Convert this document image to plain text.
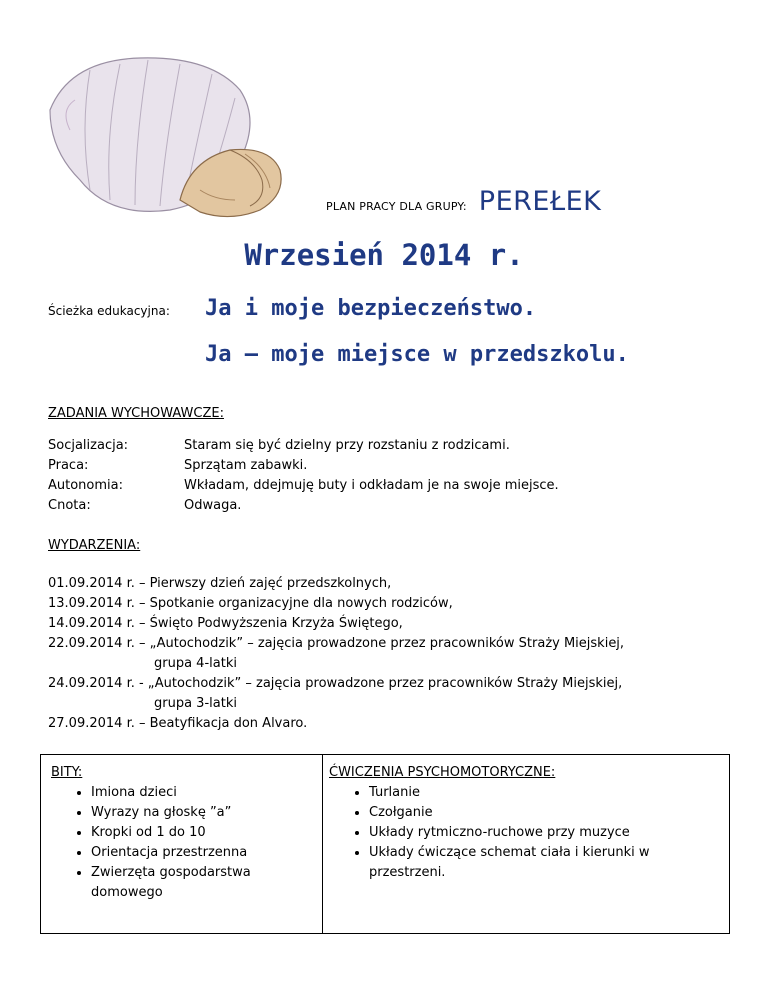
PLAN PRACY DLA GRUPY: PEREŁEK
Wrzesień 2014 r.
Ścieżka edukacyjna: Ja i moje bezpieczeństwo.
Ja – moje miejsce w przedszkolu.
ZADANIA WYCHOWAWCZE:
Socjalizacja:	Staram się być dzielny przy rozstaniu z rodzicami.
Praca:	Sprzątam zabawki.
Autonomia:	Wkładam, ddejmuję buty i odkładam je na swoje miejsce.
Cnota:	Odwaga.
WYDARZENIA:
01.09.2014 r. – Pierwszy dzień zajęć przedszkolnych,
13.09.2014 r. – Spotkanie organizacyjne dla nowych rodziców,
14.09.2014 r. – Święto Podwyższenia Krzyża Świętego,
22.09.2014 r. – „Autochodzik” – zajęcia prowadzone przez pracowników Straży Miejskiej,
grupa 4-latki
24.09.2014 r. - „Autochodzik” – zajęcia prowadzone przez pracowników Straży Miejskiej,
grupa 3-latki
27.09.2014 r. – Beatyfikacja don Alvaro.
BITY:
• Imiona dzieci
• Wyrazy na głoskę ”a”
• Kropki od 1 do 10
• Orientacja przestrzenna
• Zwierzęta gospodarstwa domowego
ĆWICZENIA PSYCHOMOTORYCZNE:
• Turlanie
• Czołganie
• Układy rytmiczno-ruchowe przy muzyce
• Układy ćwiczące schemat ciała i kierunki w przestrzeni.
